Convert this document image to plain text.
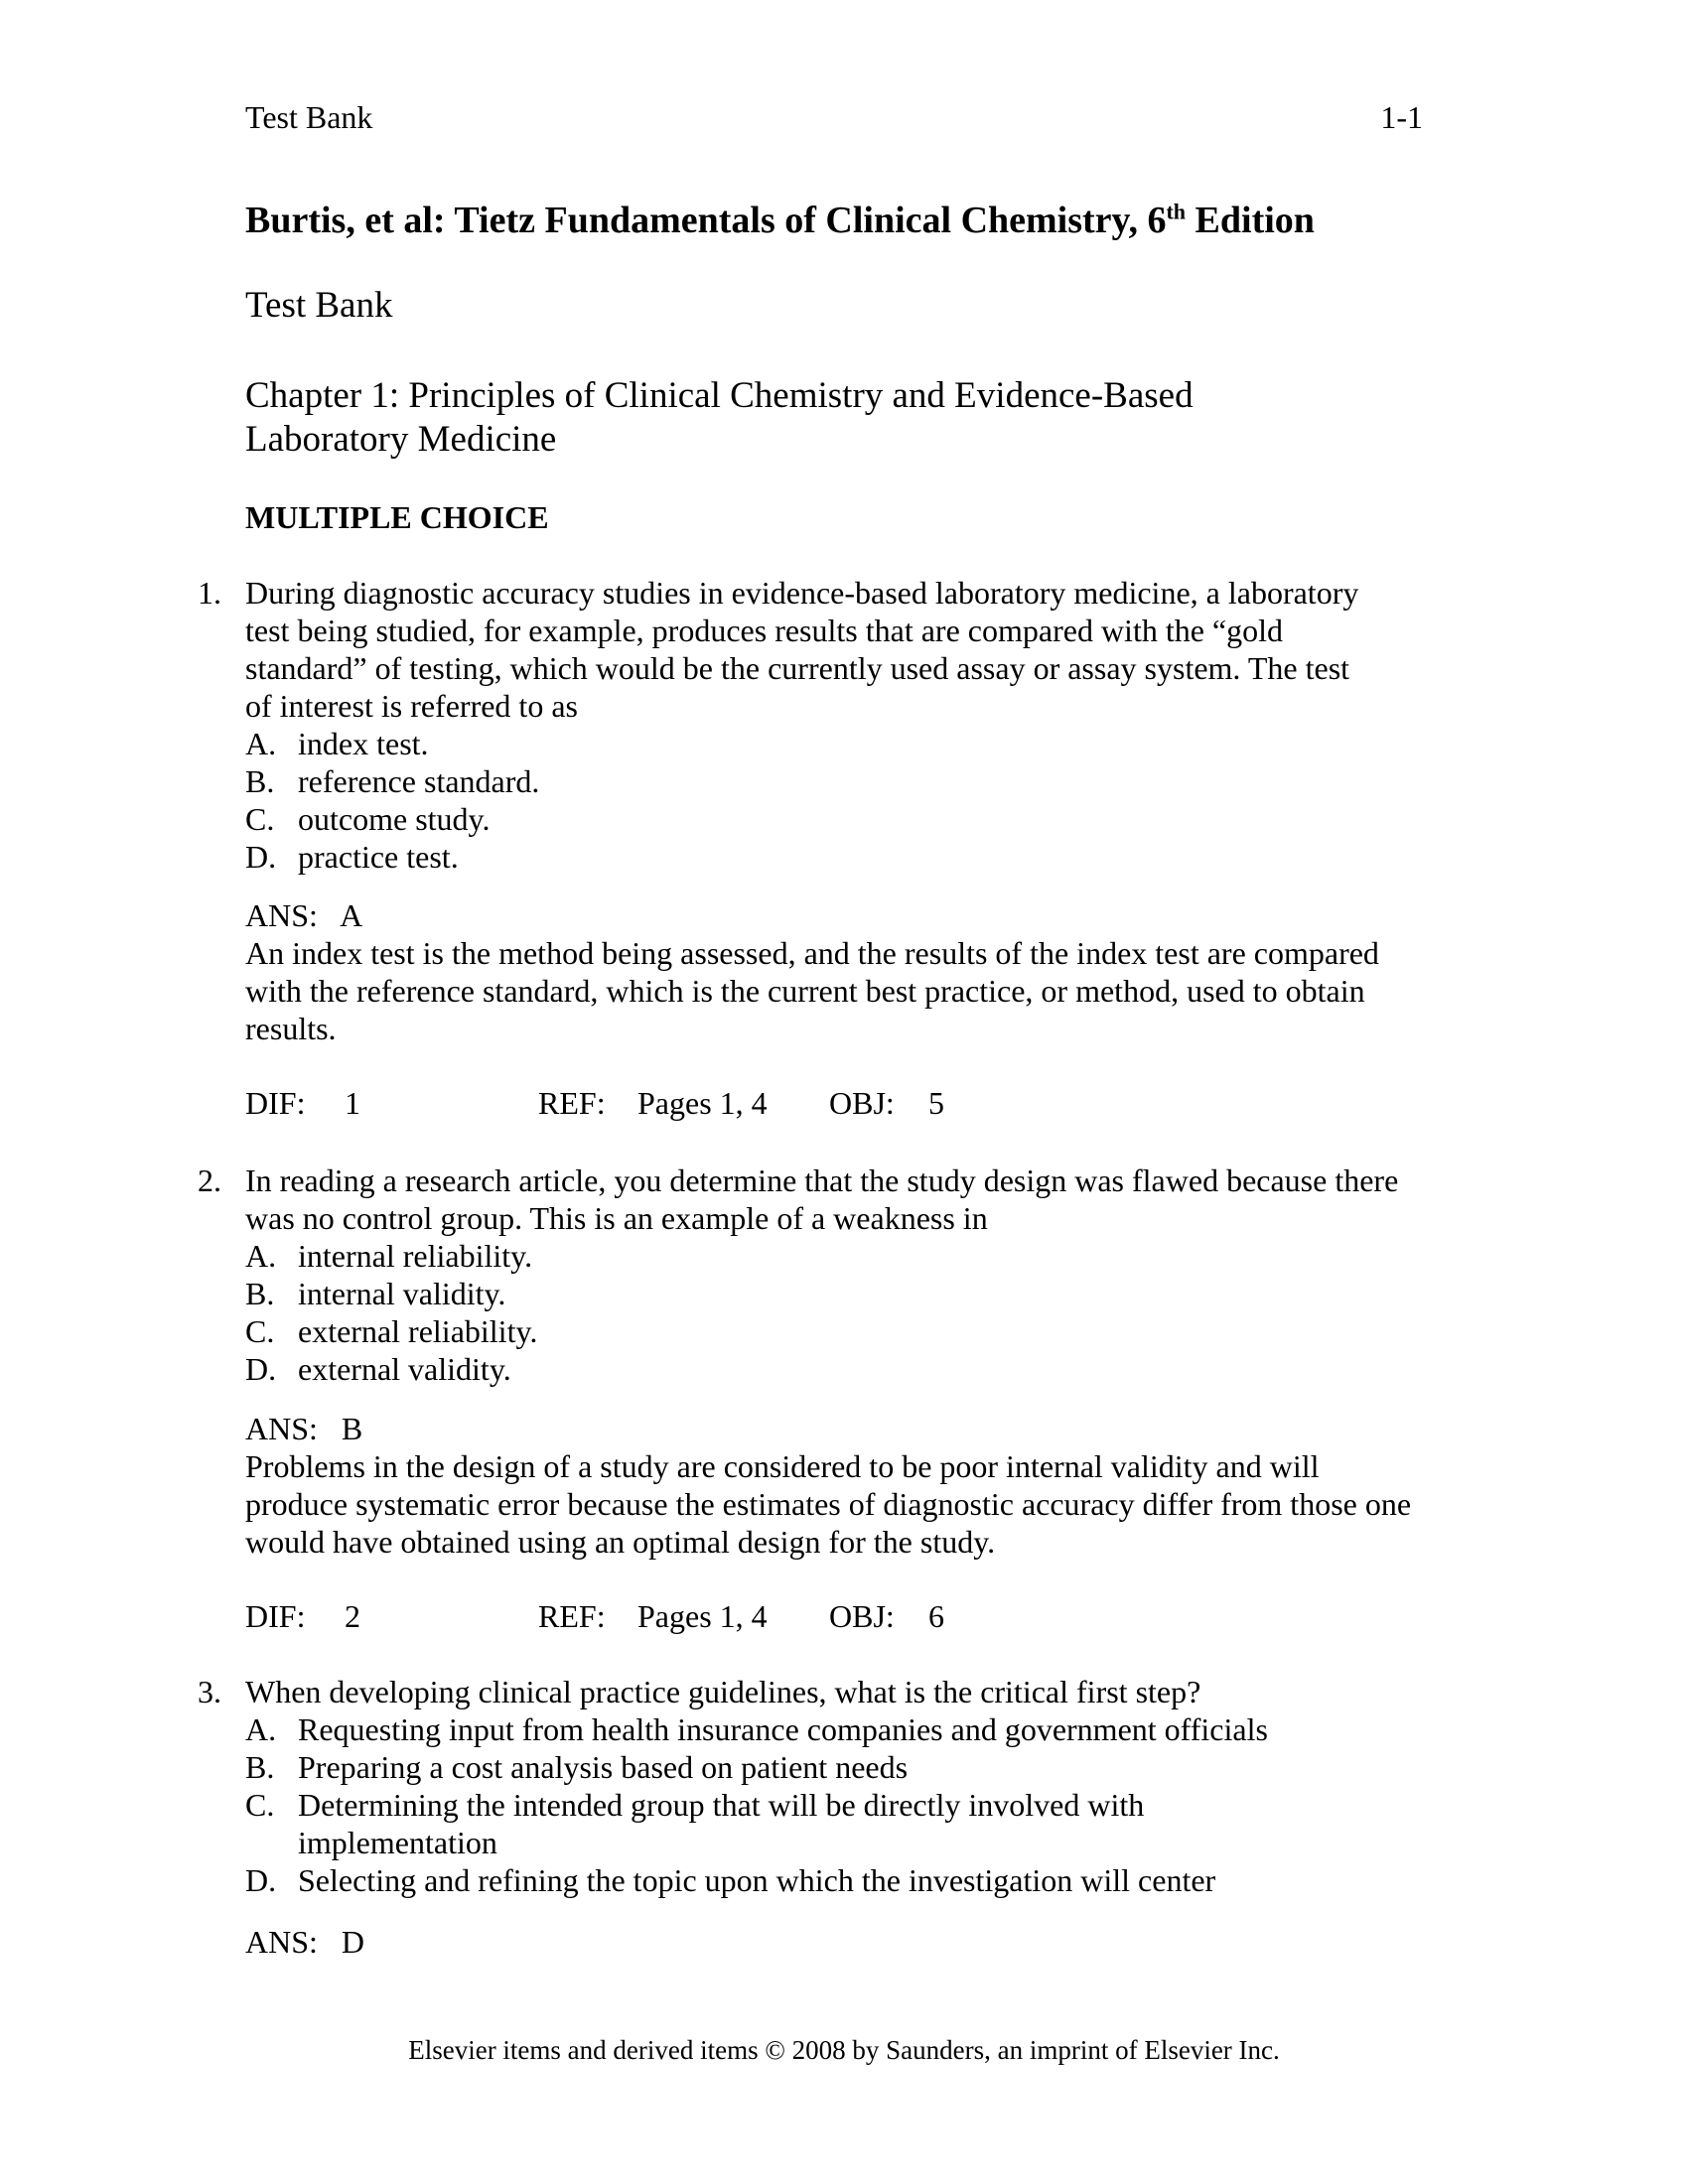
Test Bank	1-1
Burtis, et al: Tietz Fundamentals of Clinical Chemistry, 6th Edition
Test Bank
Chapter 1: Principles of Clinical Chemistry and Evidence-Based
Laboratory Medicine
MULTIPLE CHOICE
1. During diagnostic accuracy studies in evidence-based laboratory medicine, a laboratory test being studied, for example, produces results that are compared with the “gold standard” of testing, which would be the currently used assay or assay system. The test of interest is referred to as
A. index test.
B. reference standard.
C. outcome study.
D. practice test.
ANS: A
An index test is the method being assessed, and the results of the index test are compared with the reference standard, which is the current best practice, or method, used to obtain results.
DIF: 1	REF: Pages 1, 4 OBJ: 5
2. In reading a research article, you determine that the study design was flawed because there was no control group. This is an example of a weakness in
A. internal reliability.
B. internal validity.
C. external reliability.
D. external validity.
ANS: B
Problems in the design of a study are considered to be poor internal validity and will produce systematic error because the estimates of diagnostic accuracy differ from those one would have obtained using an optimal design for the study.
DIF: 2	REF: Pages 1, 4 OBJ: 6
3. When developing clinical practice guidelines, what is the critical first step?
A. Requesting input from health insurance companies and government officials
B. Preparing a cost analysis based on patient needs
C. Determining the intended group that will be directly involved with implementation
D. Selecting and refining the topic upon which the investigation will center
ANS: D
Elsevier items and derived items © 2008 by Saunders, an imprint of Elsevier Inc.
